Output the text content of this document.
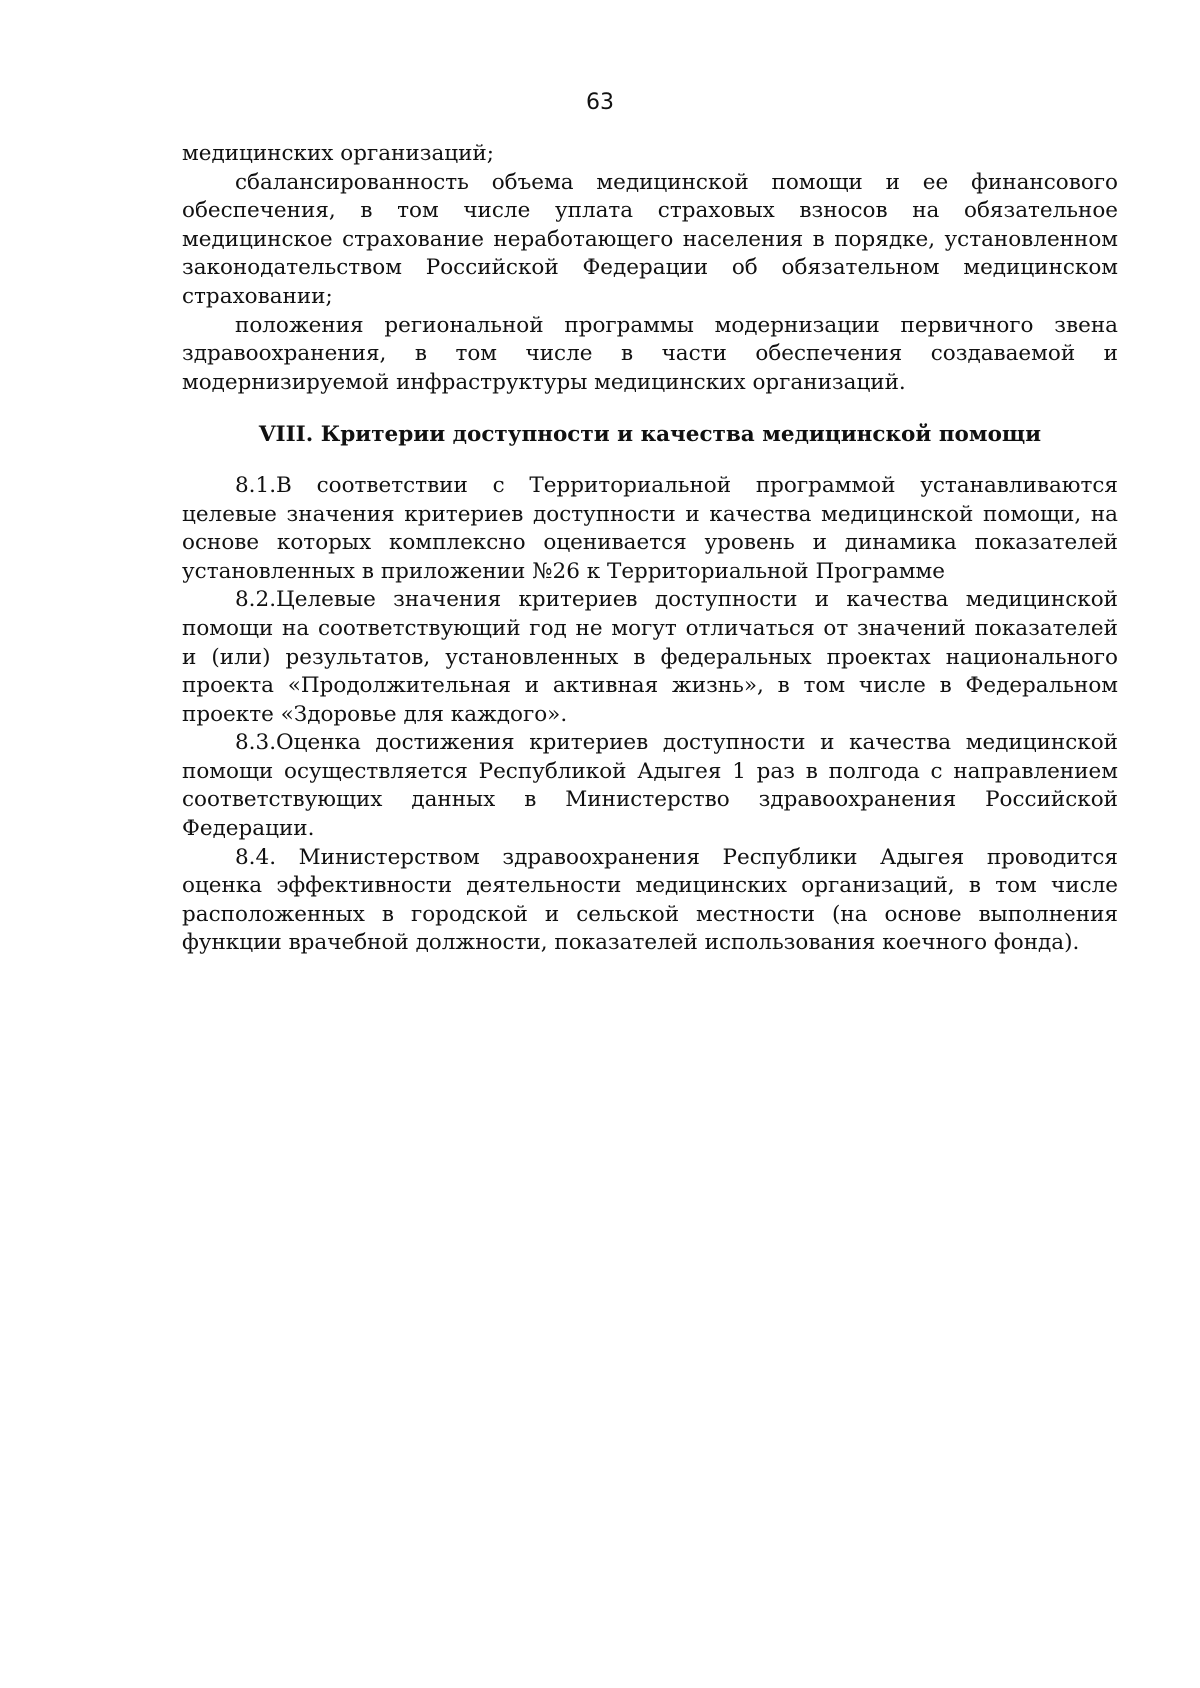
63

медицинских организаций;

сбалансированность объема медицинской помощи и ее финансового обеспечения, в том числе уплата страховых взносов на обязательное медицинское страхование неработающего населения в порядке, установленном законодательством Российской Федерации об обязательном медицинском страховании;

положения региональной программы модернизации первичного звена здравоохранения, в том числе в части обеспечения создаваемой и модернизируемой инфраструктуры медицинских организаций.

VIII. Критерии доступности и качества медицинской помощи

8.1.В соответствии с Территориальной программой устанавливаются целевые значения критериев доступности и качества медицинской помощи, на основе которых комплексно оценивается уровень и динамика показателей установленных в приложении №26 к Территориальной Программе

8.2.Целевые значения критериев доступности и качества медицинской помощи на соответствующий год не могут отличаться от значений показателей и (или) результатов, установленных в федеральных проектах национального проекта «Продолжительная и активная жизнь», в том числе в Федеральном проекте «Здоровье для каждого».

8.3.Оценка достижения критериев доступности и качества медицинской помощи осуществляется Республикой Адыгея 1 раз в полгода с направлением соответствующих данных в Министерство здравоохранения Российской Федерации.

8.4. Министерством здравоохранения Республики Адыгея проводится оценка эффективности деятельности медицинских организаций, в том числе расположенных в городской и сельской местности (на основе выполнения функции врачебной должности, показателей использования коечного фонда).
